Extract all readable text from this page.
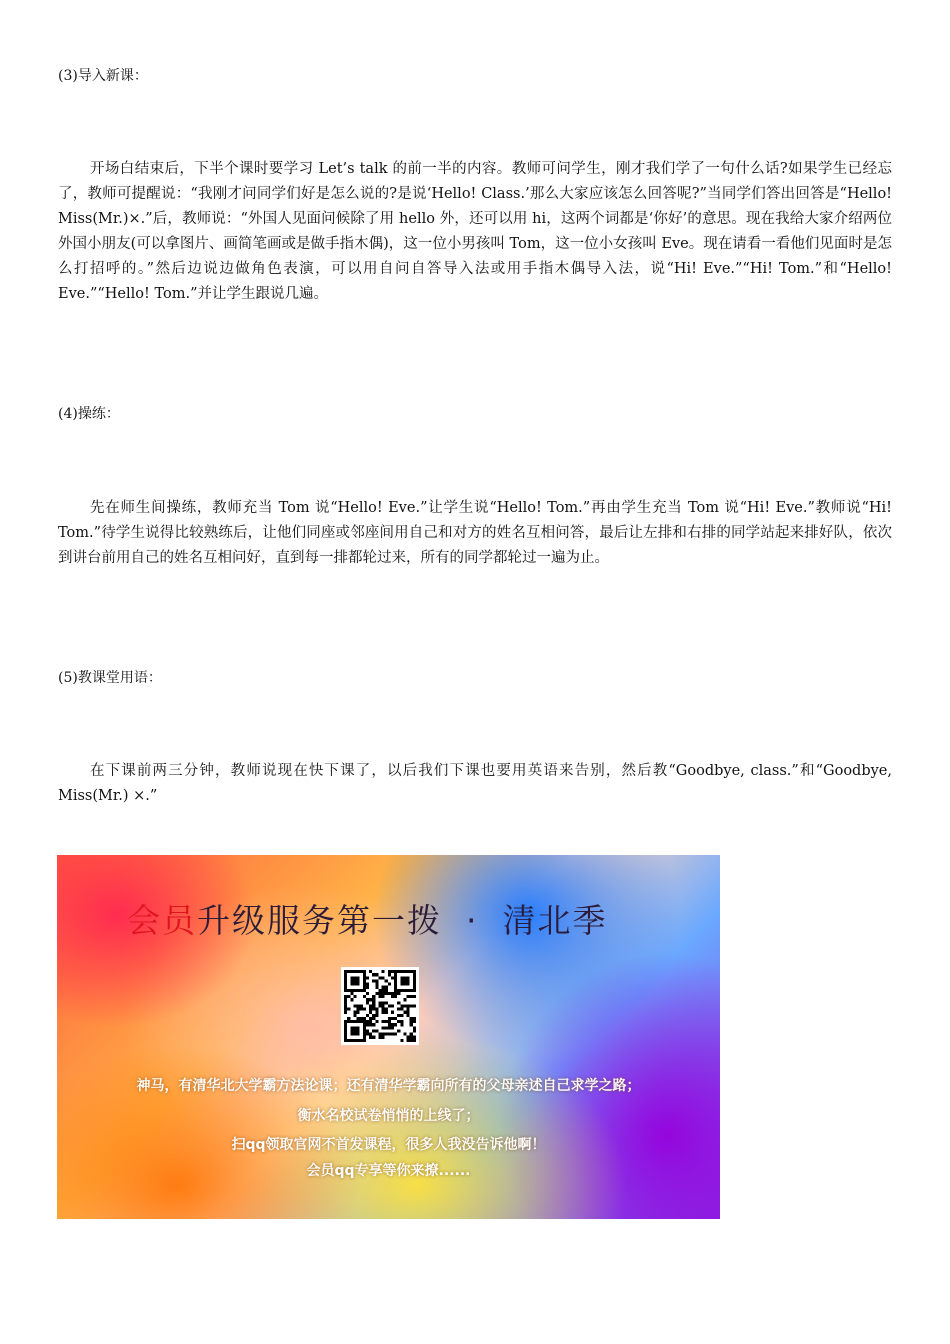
(3)导入新课：
开场白结束后，下半个课时要学习 Let’s talk 的前一半的内容。教师可问学生，刚才我们学了一句什么话?如果学生已经忘了，教师可提醒说：“我刚才问同学们好是怎么说的?是说‘Hello! Class.’那么大家应该怎么回答呢?”当同学们答出回答是“Hello! Miss(Mr.)×.”后，教师说：“外国人见面问候除了用 hello 外，还可以用 hi，这两个词都是‘你好’的意思。现在我给大家介绍两位外国小朋友(可以拿图片、画简笔画或是做手指木偶)，这一位小男孩叫 Tom，这一位小女孩叫 Eve。现在请看一看他们见面时是怎么打招呼的。”然后边说边做角色表演，可以用自问自答导入法或用手指木偶导入法，说“Hi! Eve.”“Hi! Tom.”和“Hello! Eve.”“Hello! Tom.”并让学生跟说几遍。
(4)操练：
先在师生间操练，教师充当 Tom 说“Hello! Eve.”让学生说“Hello! Tom.”再由学生充当 Tom 说“Hi! Eve.”教师说“Hi! Tom.”待学生说得比较熟练后，让他们同座或邻座间用自己和对方的姓名互相问答，最后让左排和右排的同学站起来排好队，依次到讲台前用自己的姓名互相问好，直到每一排都轮过来，所有的同学都轮过一遍为止。
(5)教课堂用语：
在下课前两三分钟，教师说现在快下课了，以后我们下课也要用英语来告别，然后教“Goodbye, class.”和“Goodbye, Miss(Mr.) ×.”
会员升级服务第一拨 · 清北季
神马，有清华北大学霸方法论课；还有清华学霸向所有的父母亲述自己求学之路；
衡水名校试卷悄悄的上线了；
扫qq领取官网不首发课程，很多人我没告诉他啊！
会员qq专享等你来撩......
